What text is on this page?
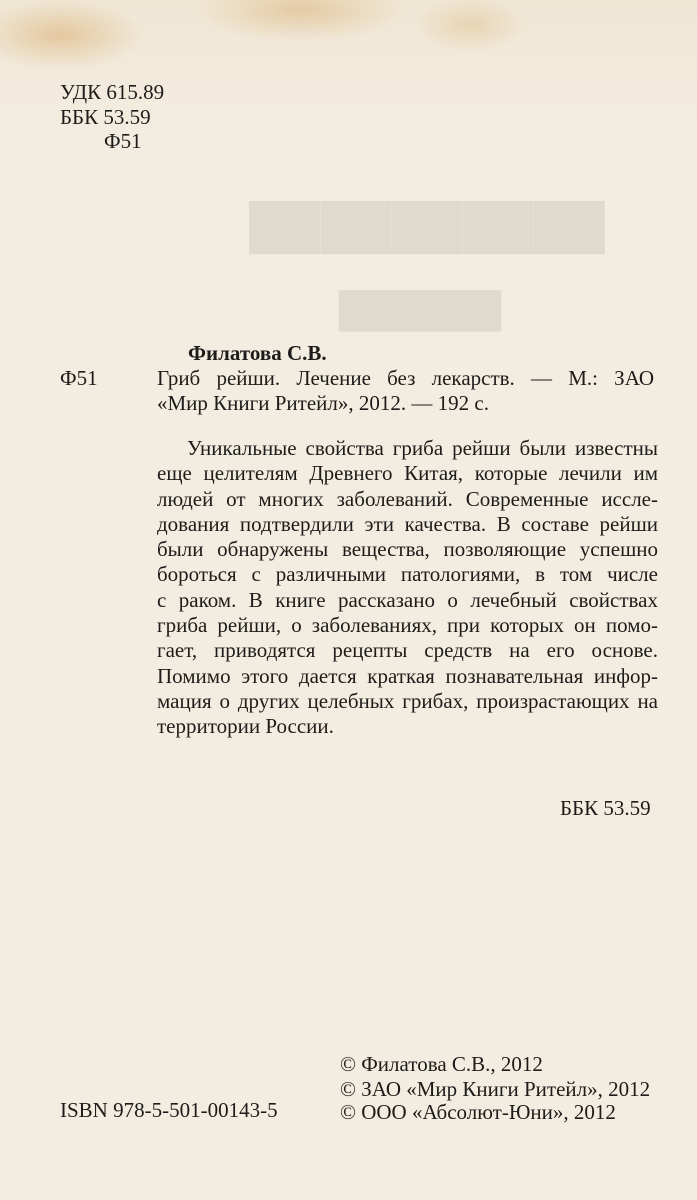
▀▀▀
▀▀▀▀▀
УДК 615.89
ББК 53.59
Ф51
Филатова С.В.
Ф51	Гриб рейши. Лечение без лекарств. — М.: ЗАО
«Мир Книги Ритейл», 2012. — 192 с.
Уникальные свойства гриба рейши были известны
еще целителям Древнего Китая, которые лечили им
людей от многих заболеваний. Современные иссле-
дования подтвердили эти качества. В составе рейши
были обнаружены вещества, позволяющие успешно
бороться с различными патологиями, в том числе
с раком. В книге рассказано о лечебный свойствах
гриба рейши, о заболеваниях, при которых он помо-
гает, приводятся рецепты средств на его основе.
Помимо этого дается краткая познавательная инфор-
мация о других целебных грибах, произрастающих на
территории России.
ББК 53.59
© Филатова С.В., 2012
© ЗАО «Мир Книги Ритейл», 2012
© ООО «Абсолют-Юни», 2012
ISBN 978-5-501-00143-5
